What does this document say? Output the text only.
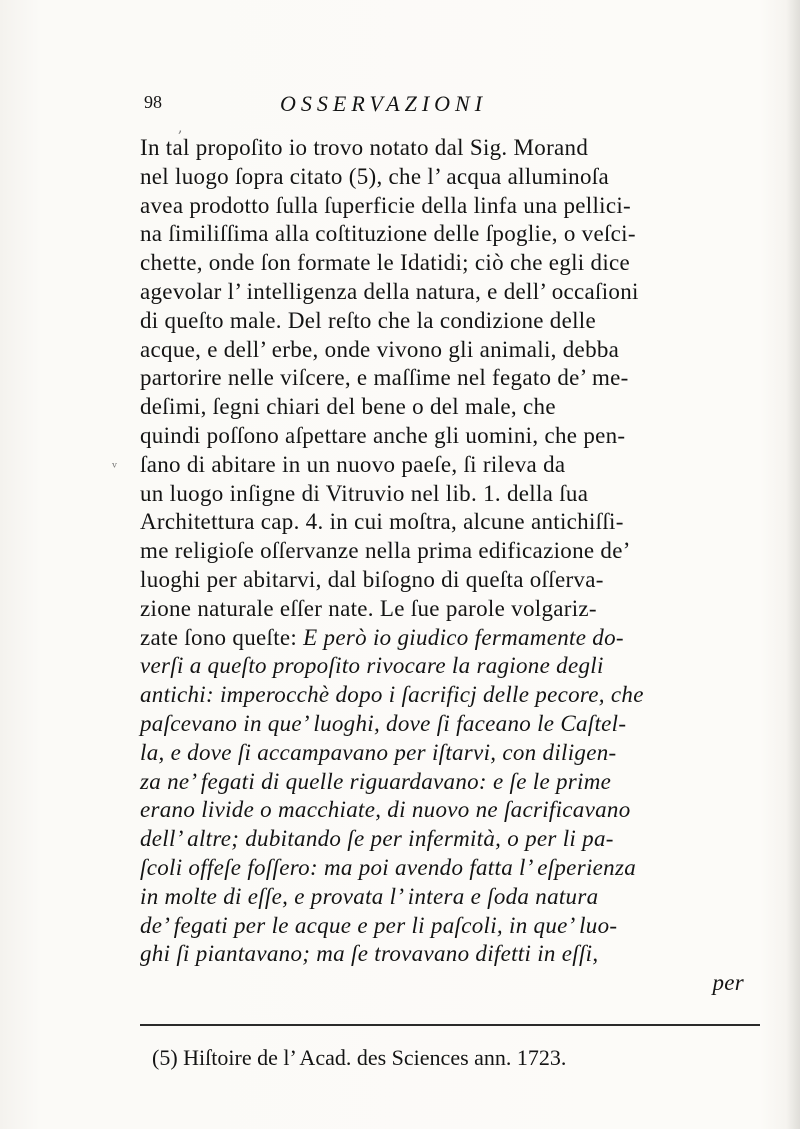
98	OSSERVAZIONI
In tal propoſito io trovo notato dal Sig. Morand
nel luogo ſopra citato (5), che l’ acqua alluminoſa
avea prodotto ſulla ſuperficie della linfa una pellici-
na ſimiliſſima alla coſtituzione delle ſpoglie, o veſci-
chette, onde ſon formate le Idatidi; ciò che egli dice
agevolar l’ intelligenza della natura, e dell’ occaſioni
di queſto male. Del reſto che la condizione delle
acque, e dell’ erbe, onde vivono gli animali, debba
partorire nelle viſcere, e maſſime nel fegato de’ me-
deſimi, ſegni chiari del bene o del male, che
quindi poſſono aſpettare anche gli uomini, che pen-
ſano di abitare in un nuovo paeſe, ſi rileva da
un luogo inſigne di Vitruvio nel lib. 1. della ſua
Architettura cap. 4. in cui moſtra, alcune antichiſſi-
me religioſe oſſervanze nella prima edificazione de’
luoghi per abitarvi, dal biſogno di queſta oſſerva-
zione naturale eſſer nate. Le ſue parole volgariz-
zate ſono queſte: E però io giudico fermamente do-
verſi a queſto propoſito rivocare la ragione degli
antichi: imperocchè dopo i ſacrificj delle pecore, che
paſcevano in que’ luoghi, dove ſi faceano le Caſtel-
la, e dove ſi accampavano per iſtarvi, con diligen-
za ne’ fegati di quelle riguardavano: e ſe le prime
erano livide o macchiate, di nuovo ne ſacrificavano
dell’ altre; dubitando ſe per infermità, o per li pa-
ſcoli offeſe foſſero: ma poi avendo fatta l’ eſperienza
in molte di eſſe, e provata l’ intera e ſoda natura
de’ fegati per le acque e per li paſcoli, in que’ luo-
ghi ſi piantavano; ma ſe trovavano difetti in eſſi,
per
(5) Hiſtoire de l’ Acad. des Sciences ann. 1723.
,
ᵛ
